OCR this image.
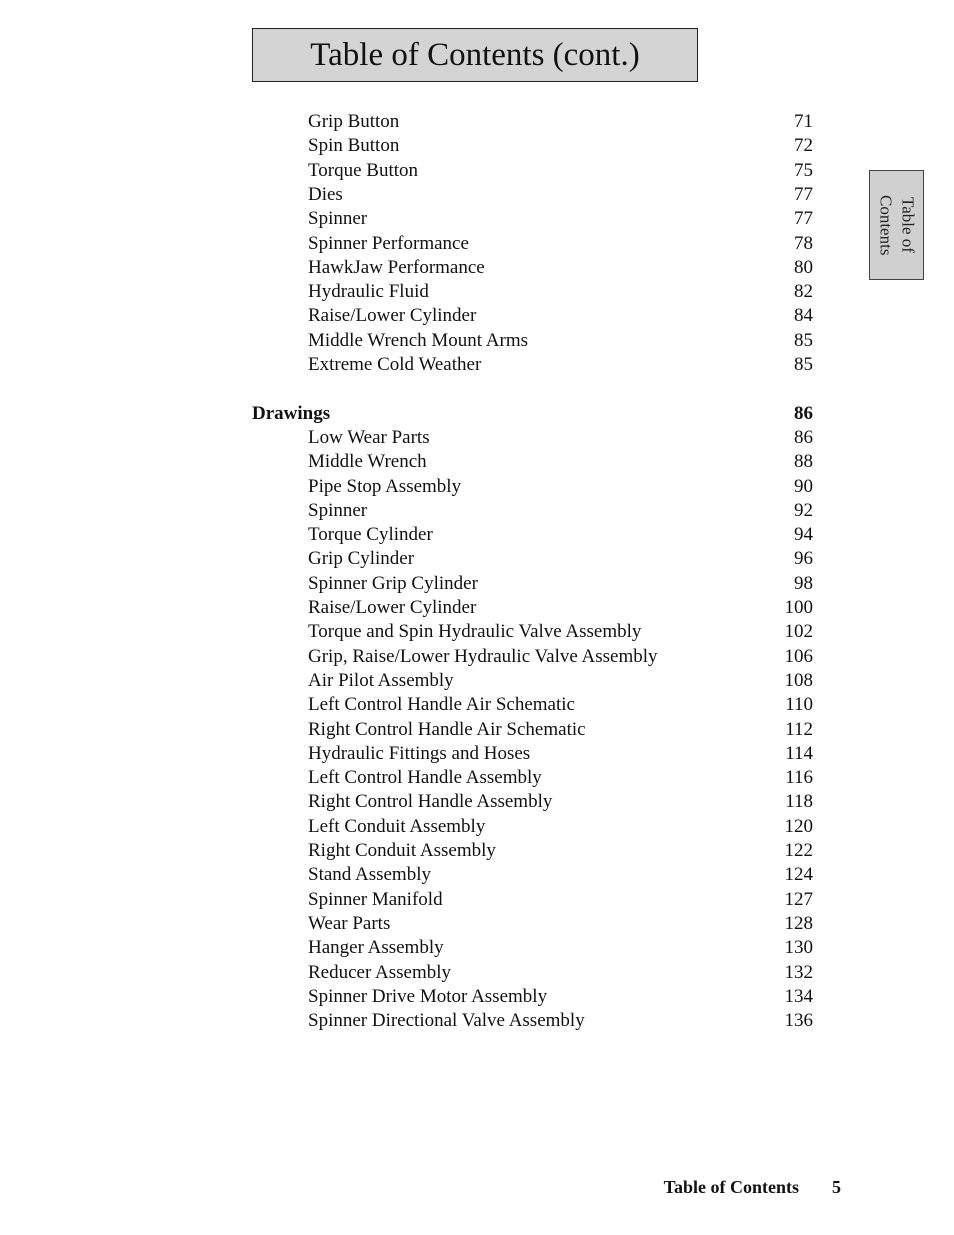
Table of Contents (cont.)
Table of
Contents
Grip Button	71
Spin Button	72
Torque Button	75
Dies	77
Spinner	77
Spinner Performance	78
HawkJaw Performance	80
Hydraulic Fluid	82
Raise/Lower Cylinder	84
Middle Wrench Mount Arms	85
Extreme Cold Weather	85
Drawings	86
Low Wear Parts	86
Middle Wrench	88
Pipe Stop Assembly	90
Spinner	92
Torque Cylinder	94
Grip Cylinder	96
Spinner Grip Cylinder	98
Raise/Lower Cylinder	100
Torque and Spin Hydraulic Valve Assembly	102
Grip, Raise/Lower Hydraulic Valve Assembly	106
Air Pilot Assembly	108
Left Control Handle Air Schematic	110
Right Control Handle Air Schematic	112
Hydraulic Fittings and Hoses	114
Left Control Handle Assembly	116
Right Control Handle Assembly	118
Left Conduit Assembly	120
Right Conduit Assembly	122
Stand Assembly	124
Spinner Manifold	127
Wear Parts	128
Hanger Assembly	130
Reducer Assembly	132
Spinner Drive Motor Assembly	134
Spinner Directional Valve Assembly	136
Table of Contents 5
